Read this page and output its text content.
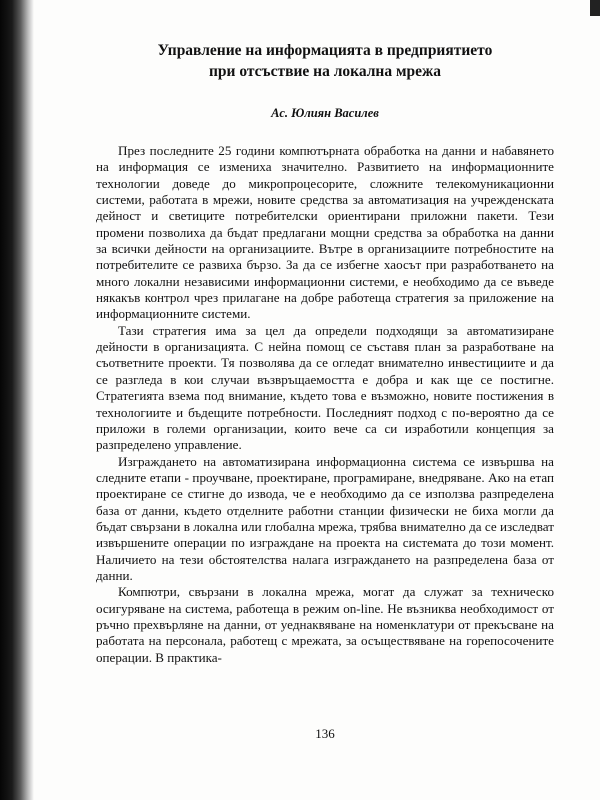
Управление на информацията в предприятието
при отсъствие на локална мрежа
Ас. Юлиян Василев

През последните 25 години компютърната обработка на данни и набавянето на информация се измениха значително. Развитието на информационните технологии доведе до микропроцесорите, сложните телекомуникационни системи, работата в мрежи, новите средства за автоматизация на учрежденската дейност и светиците потребителски ориентирани приложни пакети. Тези промени позволиха да бъдат предлагани мощни средства за обработка на данни за всички дейности на организациите. Вътре в организациите потребностите на потребителите се развиха бързо. За да се избегне хаосът при разработването на много локални независими информационни системи, е необходимо да се въведе някакъв контрол чрез прилагане на добре работеща стратегия за приложение на информационните системи.

Тази стратегия има за цел да определи подходящи за автоматизиране дейности в организацията. С нейна помощ се съставя план за разработване на съответните проекти. Тя позволява да се огледат внимателно инвестициите и да се разгледа в кои случаи възвръщаемостта е добра и как ще се постигне. Стратегията взема под внимание, където това е възможно, новите постижения в технологиите и бъдещите потребности. Последният подход с по-вероятно да се приложи в големи организации, които вече са си изработили концепция за разпределено управление.

Изграждането на автоматизирана информационна система се извършва на следните етапи - проучване, проектиране, програмиране, внедряване. Ако на етап проектиране се стигне до извода, че е необходимо да се използва разпределена база от данни, където отделните работни станции физически не биха могли да бъдат свързани в локална или глобална мрежа, трябва внимателно да се изследват извършените операции по изграждане на проекта на системата до този момент. Наличието на тези обстоятелства налага изграждането на разпределена база от данни.

Компютри, свързани в локална мрежа, могат да служат за техническо осигуряване на система, работеща в режим on-line. Не възниква необходимост от ръчно прехвърляне на данни, от уеднаквяване на номенклатури от прекъсване на работата на персонала, работещ с мрежата, за осъществяване на горепосочените операции. В практика-

136
